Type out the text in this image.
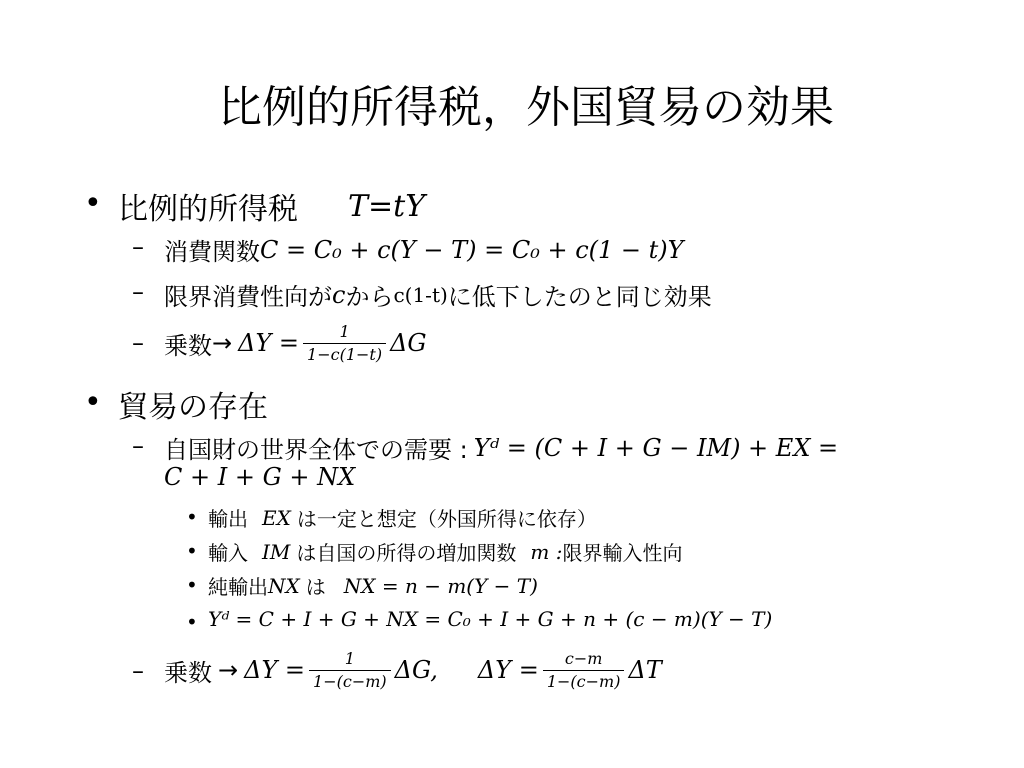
比例的所得税，外国貿易の効果
• 比例的所得税 T=tY
– 消費関数 C = C₀ + c(Y − T) = C₀ + c(1 − t)Y
– 限界消費性向が c から c(1-t) に低下したのと同じ効果
– 乗数 → $\Delta Y = \frac{1}{1-c(1-t)}$ ΔG
• 貿易の存在
– 自国財の世界全体での需要 : Yᵈ = (C + I + G − IM) + EX =
C + I + G + NX
• 輸出 EX は一定と想定（外国所得に依存）
• 輸入 IM は自国の所得の増加関数 m : 限界輸入性向
• 純輸出 NX は NX = n − m(Y − T)
• Yᵈ = C + I + G + NX = C₀ + I + G + n + (c − m)(Y − T)
– 乗数 → $\Delta Y = \frac{1}{1-(c-m)} \Delta G$, $\Delta Y = \frac{c-m}{1-(c-m)}$ ΔT
